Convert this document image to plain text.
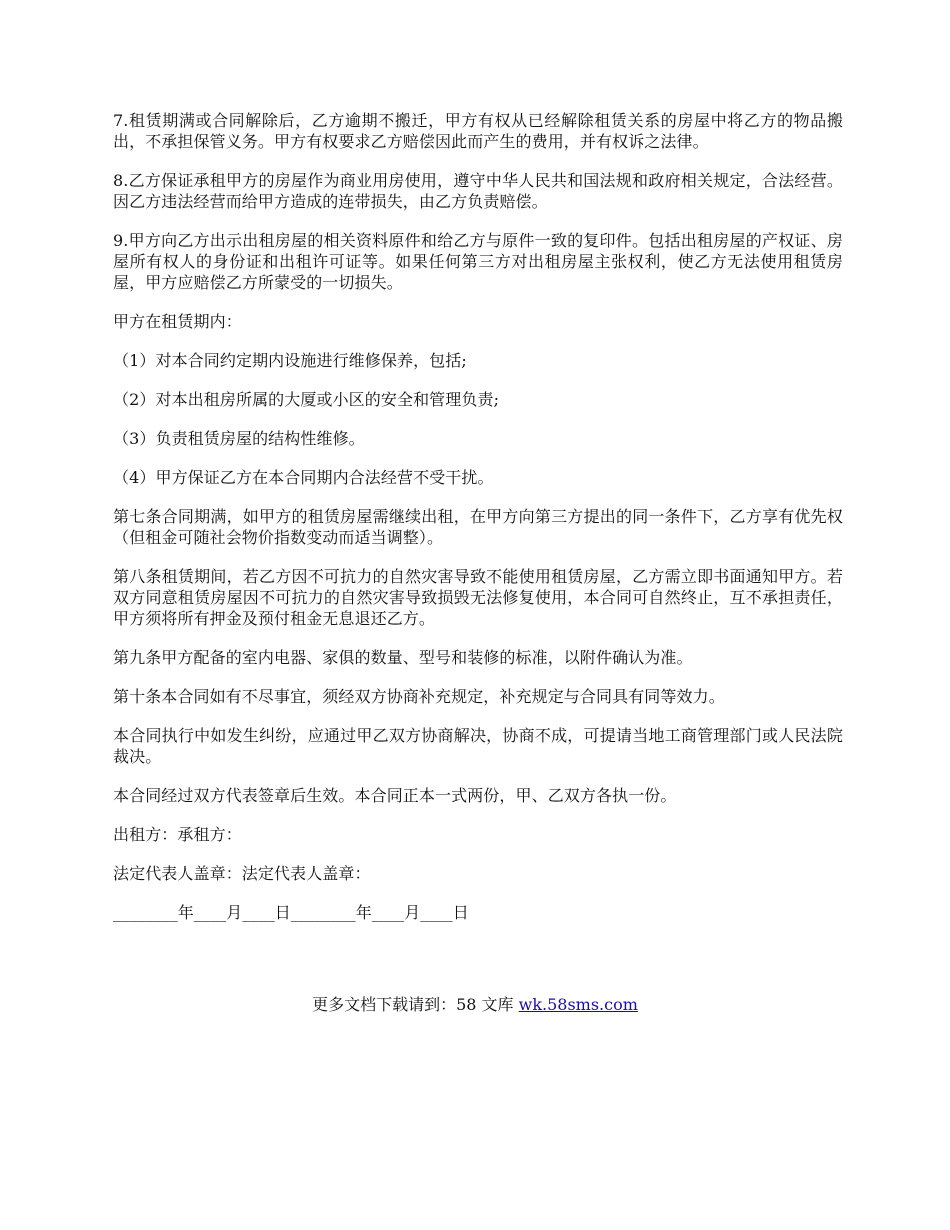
7.租赁期满或合同解除后，乙方逾期不搬迁，甲方有权从已经解除租赁关系的房屋中将乙方的物品搬出，不承担保管义务。甲方有权要求乙方赔偿因此而产生的费用，并有权诉之法律。

8.乙方保证承租甲方的房屋作为商业用房使用，遵守中华人民共和国法规和政府相关规定，合法经营。因乙方违法经营而给甲方造成的连带损失，由乙方负责赔偿。

9.甲方向乙方出示出租房屋的相关资料原件和给乙方与原件一致的复印件。包括出租房屋的产权证、房屋所有权人的身份证和出租许可证等。如果任何第三方对出租房屋主张权利，使乙方无法使用租赁房屋，甲方应赔偿乙方所蒙受的一切损失。

甲方在租赁期内：

（1）对本合同约定期内设施进行维修保养，包括;

（2）对本出租房所属的大厦或小区的安全和管理负责;

（3）负责租赁房屋的结构性维修。

（4）甲方保证乙方在本合同期内合法经营不受干扰。

第七条合同期满，如甲方的租赁房屋需继续出租，在甲方向第三方提出的同一条件下，乙方享有优先权（但租金可随社会物价指数变动而适当调整）。

第八条租赁期间，若乙方因不可抗力的自然灾害导致不能使用租赁房屋，乙方需立即书面通知甲方。若双方同意租赁房屋因不可抗力的自然灾害导致损毁无法修复使用，本合同可自然终止，互不承担责任，甲方须将所有押金及预付租金无息退还乙方。

第九条甲方配备的室内电器、家俱的数量、型号和装修的标准，以附件确认为准。

第十条本合同如有不尽事宜，须经双方协商补充规定，补充规定与合同具有同等效力。

本合同执行中如发生纠纷，应通过甲乙双方协商解决，协商不成，可提请当地工商管理部门或人民法院裁决。

本合同经过双方代表签章后生效。本合同正本一式两份，甲、乙双方各执一份。

出租方：承租方：

法定代表人盖章：法定代表人盖章：

________年____月____日________年____月____日

更多文档下载请到：58 文库 wk.58sms.com
